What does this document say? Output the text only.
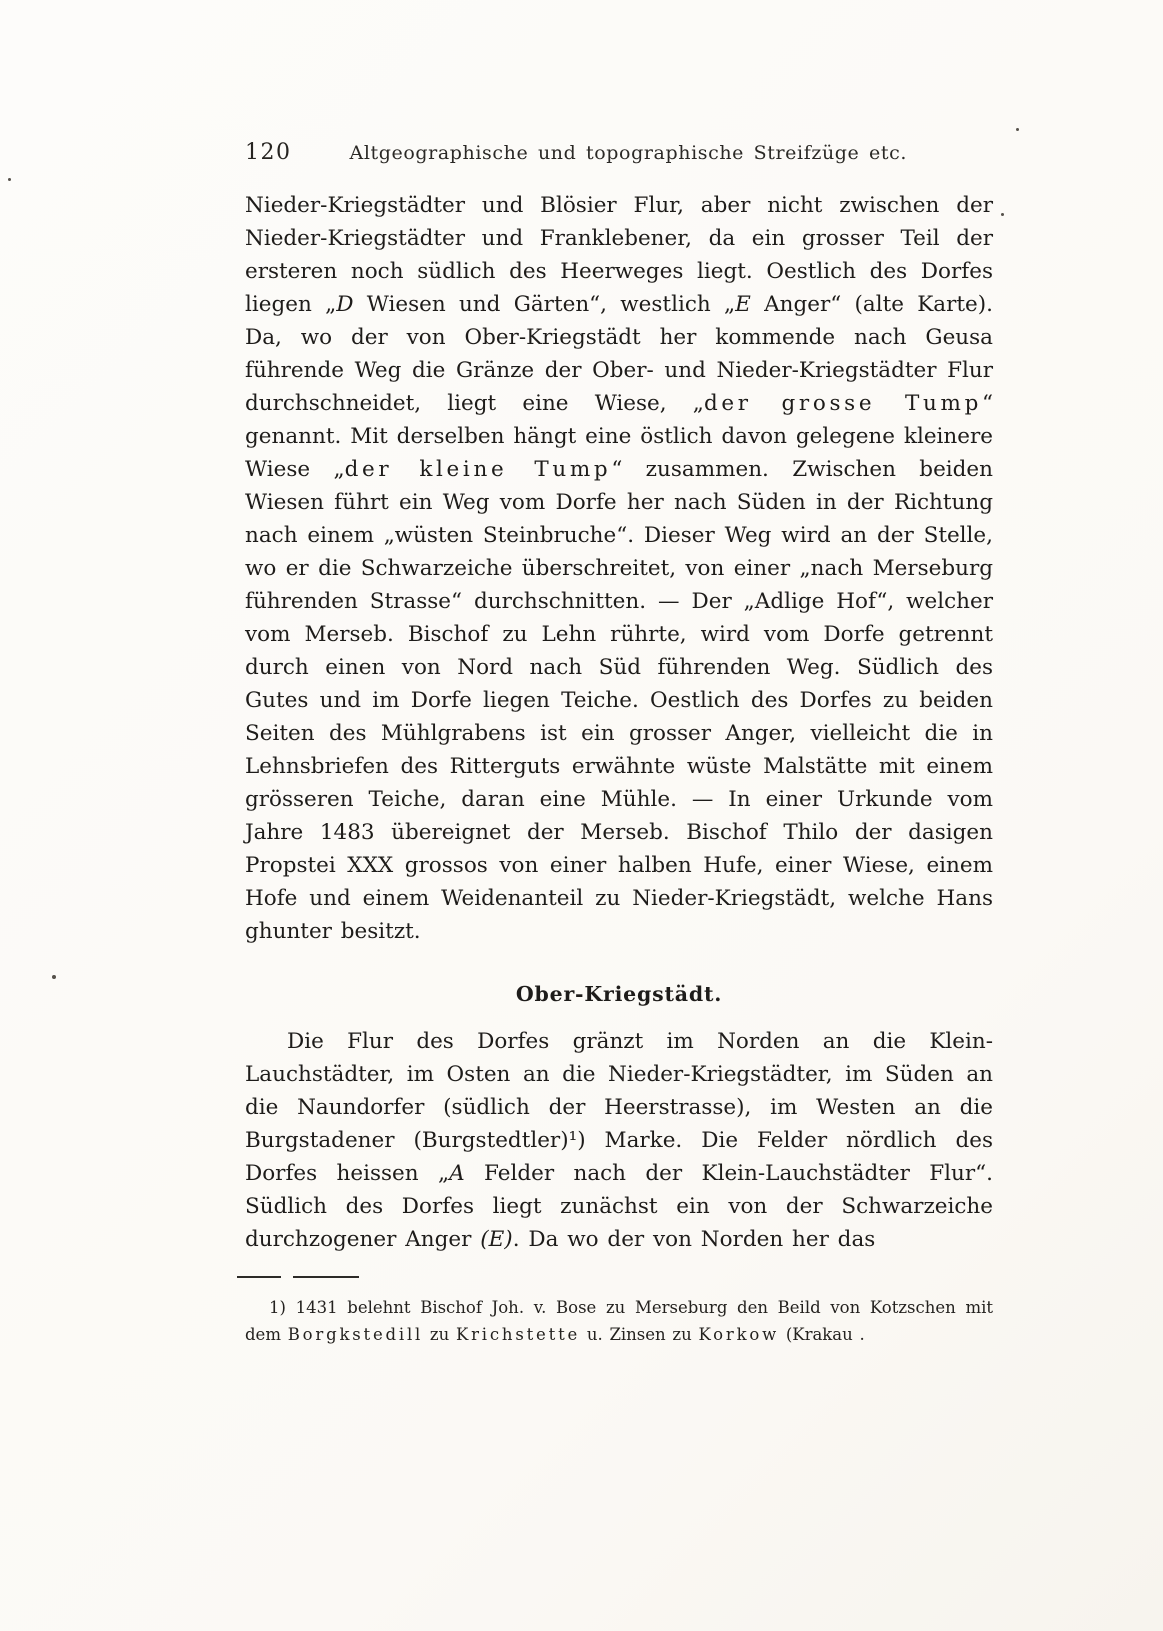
120	Altgeographische und topographische Streifzüge etc.

Nieder-Kriegstädter und Blösier Flur, aber nicht zwischen der Nieder-Kriegstädter und Franklebener, da ein grosser Teil der ersteren noch südlich des Heerweges liegt. Oestlich des Dorfes liegen „D Wiesen und Gärten“, westlich „E Anger“ (alte Karte). Da, wo der von Ober-Kriegstädt her kommende nach Geusa führende Weg die Gränze der Ober- und Nieder-Kriegstädter Flur durchschneidet, liegt eine Wiese, „der grosse Tump“ genannt. Mit derselben hängt eine östlich davon gelegene kleinere Wiese „der kleine Tump“ zusammen. Zwischen beiden Wiesen führt ein Weg vom Dorfe her nach Süden in der Richtung nach einem „wüsten Steinbruche“. Dieser Weg wird an der Stelle, wo er die Schwarzeiche überschreitet, von einer „nach Merseburg führenden Strasse“ durchschnitten. — Der „Adlige Hof“, welcher vom Merseb. Bischof zu Lehn rührte, wird vom Dorfe getrennt durch einen von Nord nach Süd führenden Weg. Südlich des Gutes und im Dorfe liegen Teiche. Oestlich des Dorfes zu beiden Seiten des Mühlgrabens ist ein grosser Anger, vielleicht die in Lehnsbriefen des Ritterguts erwähnte wüste Malstätte mit einem grösseren Teiche, daran eine Mühle. — In einer Urkunde vom Jahre 1483 übereignet der Merseb. Bischof Thilo der dasigen Propstei XXX grossos von einer halben Hufe, einer Wiese, einem Hofe und einem Weidenanteil zu Nieder-Kriegstädt, welche Hans ghunter besitzt.

Ober-Kriegstädt.

Die Flur des Dorfes gränzt im Norden an die Klein-Lauchstädter, im Osten an die Nieder-Kriegstädter, im Süden an die Naundorfer (südlich der Heerstrasse), im Westen an die Burgstadener (Burgstedtler)¹) Marke. Die Felder nördlich des Dorfes heissen „A Felder nach der Klein-Lauchstädter Flur“. Südlich des Dorfes liegt zunächst ein von der Schwarzeiche durchzogener Anger (E). Da wo der von Norden her das

1) 1431 belehnt Bischof Joh. v. Bose zu Merseburg den Beild von Kotzschen mit dem Borgkstedill zu Krichstette u. Zinsen zu Korkow (Krakau .
